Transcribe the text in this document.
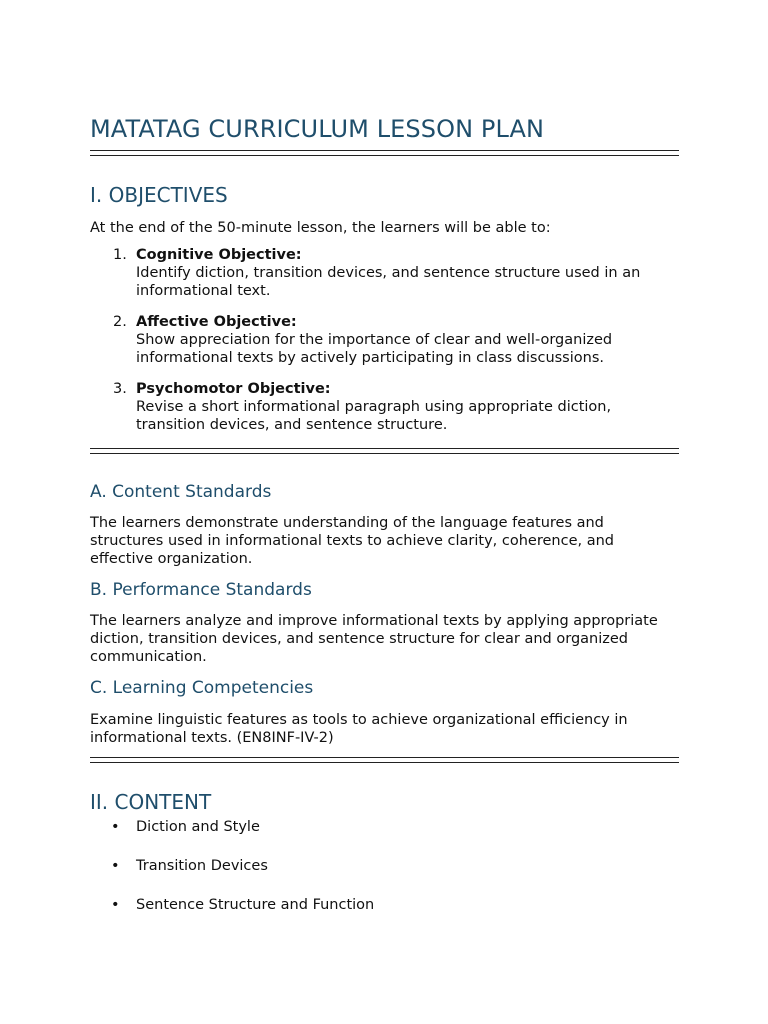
MATATAG CURRICULUM LESSON PLAN
I. OBJECTIVES

At the end of the 50-minute lesson, the learners will be able to:

1. Cognitive Objective:
Identify diction, transition devices, and sentence structure used in an informational text.
2. Affective Objective:
Show appreciation for the importance of clear and well-organized informational texts by actively participating in class discussions.
3. Psychomotor Objective:
Revise a short informational paragraph using appropriate diction, transition devices, and sentence structure.
A. Content Standards

The learners demonstrate understanding of the language features and structures used in informational texts to achieve clarity, coherence, and effective organization.

B. Performance Standards

The learners analyze and improve informational texts by applying appropriate diction, transition devices, and sentence structure for clear and organized communication.

C. Learning Competencies

Examine linguistic features as tools to achieve organizational efficiency in informational texts. (EN8INF-IV-2)

II. CONTENT
• Diction and Style
• Transition Devices
• Sentence Structure and Function
